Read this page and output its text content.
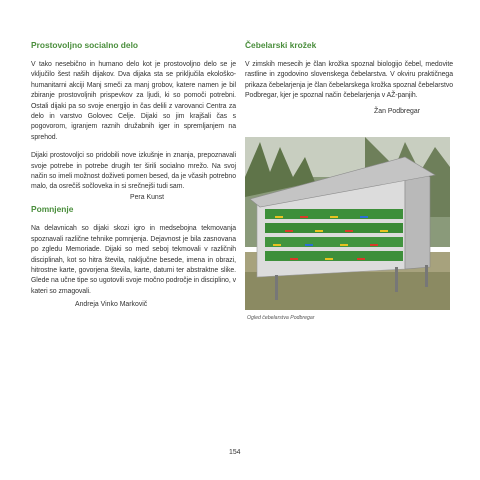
Prostovoljno socialno delo

V tako nesebično in humano delo kot je prostovoljno delo se je vključilo šest naših dijakov. Dva dijaka sta se priključila ekološko-humanitarni akciji Manj smeči za manj grobov, katere namen je bil zbiranje prostovoljnih prispevkov za ljudi, ki so pomoči potrebni. Ostali dijaki pa so svoje energijo in čas delili z varovanci Centra za delo in varstvo Golovec Celje. Dijaki so jim krajšali čas s pogovorom, igranjem raznih družabnih iger in spremljanjem na sprehod.

Dijaki prostovoljci so pridobili nove izkušnje in znanja, prepoznavali svoje potrebe in potrebe drugih ter širili socialno mrežo. Na svoj način so imeli možnost doživeti pomen besed, da je včasih potrebno malo, da osrečiš sočloveka in si srečnejši tudi sam.

Pera Kunst
Pomnjenje

Na delavnicah so dijaki skozi igro in medsebojna tekmovanja spoznavali različne tehnike pomnjenja. Dejavnost je bila zasnovana po zgledu Memoriade. Dijaki so med seboj tekmovali v različnih disciplinah, kot so hitra števila, naključne besede, imena in obrazi, hitrostne karte, govorjena števila, karte, datumi ter abstraktne slike. Glede na učne tipe so ugotovili svoje močno področje in disciplino, v kateri so zmagovali.

Andreja Vinko Markovič
Čebelarski krožek

V zimskih mesecih je član krožka spoznal biologijo čebel, medovite rastline in zgodovino slovenskega čebelarstva. V okviru praktičnega prikaza čebelarjenja je član čebelarskega krožka spoznal čebelarstvo Podbregar, kjer je spoznal način čebelarjenja v AŽ-panjih.

Žan Podbregar
Ogled čebelarstva Podbregar
154
